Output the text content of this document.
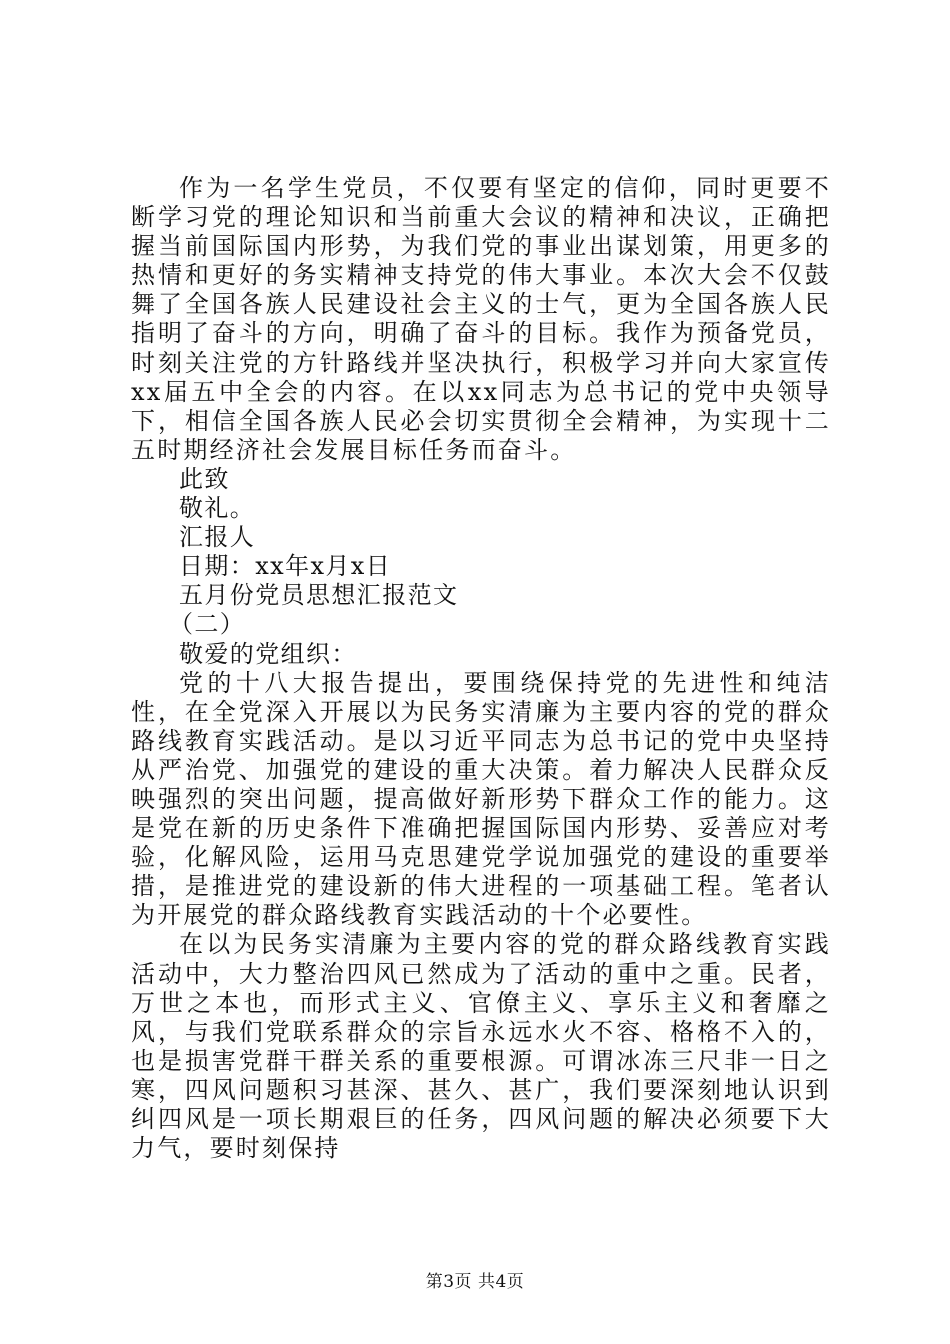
作为一名学生党员，不仅要有坚定的信仰，同时更要不断学习党的理论知识和当前重大会议的精神和决议，正确把握当前国际国内形势，为我们党的事业出谋划策，用更多的热情和更好的务实精神支持党的伟大事业。本次大会不仅鼓舞了全国各族人民建设社会主义的士气，更为全国各族人民指明了奋斗的方向，明确了奋斗的目标。我作为预备党员，时刻关注党的方针路线并坚决执行，积极学习并向大家宣传xx届五中全会的内容。在以xx同志为总书记的党中央领导下，相信全国各族人民必会切实贯彻全会精神，为实现十二五时期经济社会发展目标任务而奋斗。

此致

敬礼。

汇报人

日期：xx年x月x日

五月份党员思想汇报范文

（二）

敬爱的党组织：

党的十八大报告提出，要围绕保持党的先进性和纯洁性，在全党深入开展以为民务实清廉为主要内容的党的群众路线教育实践活动。是以习近平同志为总书记的党中央坚持从严治党、加强党的建设的重大决策。着力解决人民群众反映强烈的突出问题，提高做好新形势下群众工作的能力。这是党在新的历史条件下准确把握国际国内形势、妥善应对考验，化解风险，运用马克思建党学说加强党的建设的重要举措，是推进党的建设新的伟大进程的一项基础工程。笔者认为开展党的群众路线教育实践活动的十个必要性。

在以为民务实清廉为主要内容的党的群众路线教育实践活动中，大力整治四风已然成为了活动的重中之重。民者，万世之本也，而形式主义、官僚主义、享乐主义和奢靡之风，与我们党联系群众的宗旨永远水火不容、格格不入的，也是损害党群干群关系的重要根源。可谓冰冻三尺非一日之寒，四风问题积习甚深、甚久、甚广，我们要深刻地认识到纠四风是一项长期艰巨的任务，四风问题的解决必须要下大力气，要时刻保持

第3页 共4页
